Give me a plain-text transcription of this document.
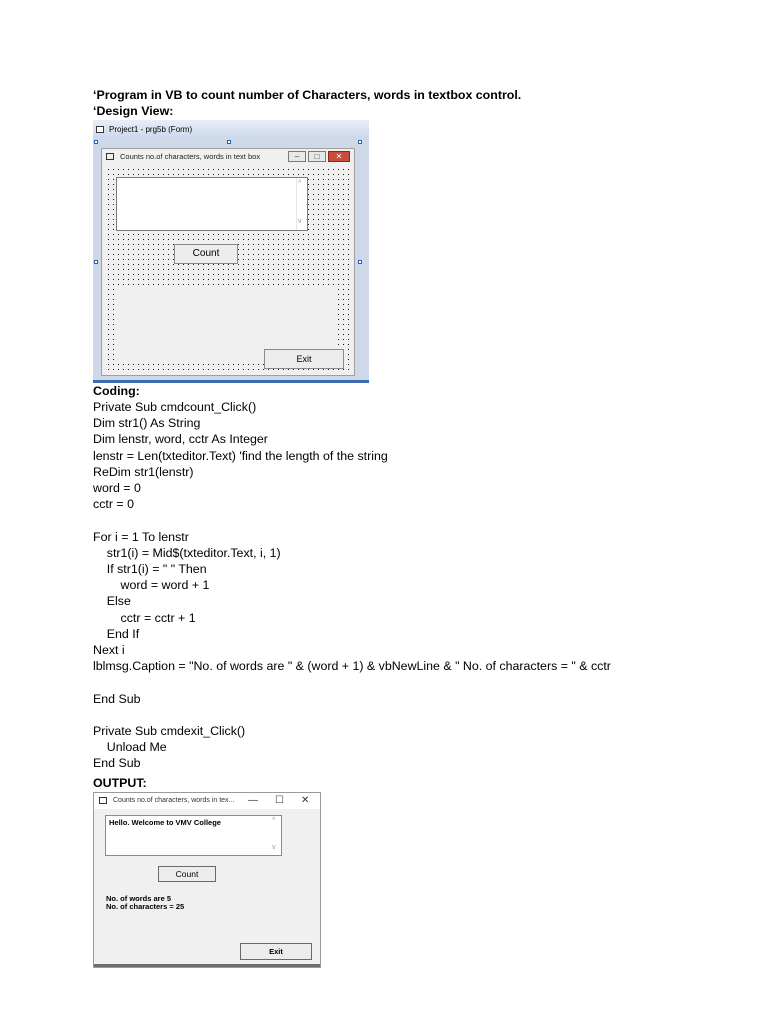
‘Program in VB to count number of Characters, words in textbox control.
‘Design View:
Coding:
Private Sub cmdcount_Click()
Dim str1() As String
Dim lenstr, word, cctr As Integer
lenstr = Len(txteditor.Text) 'find the length of the string
ReDim str1(lenstr)
word = 0
cctr = 0
For i = 1 To lenstr
str1(i) = Mid$(txteditor.Text, i, 1)
If str1(i) = " " Then
word = word + 1
Else
cctr = cctr + 1
End If
Next i
lblmsg.Caption = "No. of words are " & (word + 1) & vbNewLine & " No. of characters = " & cctr
End Sub
Private Sub cmdexit_Click()
Unload Me
End Sub
OUTPUT:
Project1 - prg5b (Form)
Counts no.of characters, words in text box	–	□	✕
^
v
Count
Exit
Counts no.of characters, words in tex... — ☐ ✕
Hello. Welcome to VMV College	^
v
Count
No. of words are 5
No. of characters = 25
Exit
